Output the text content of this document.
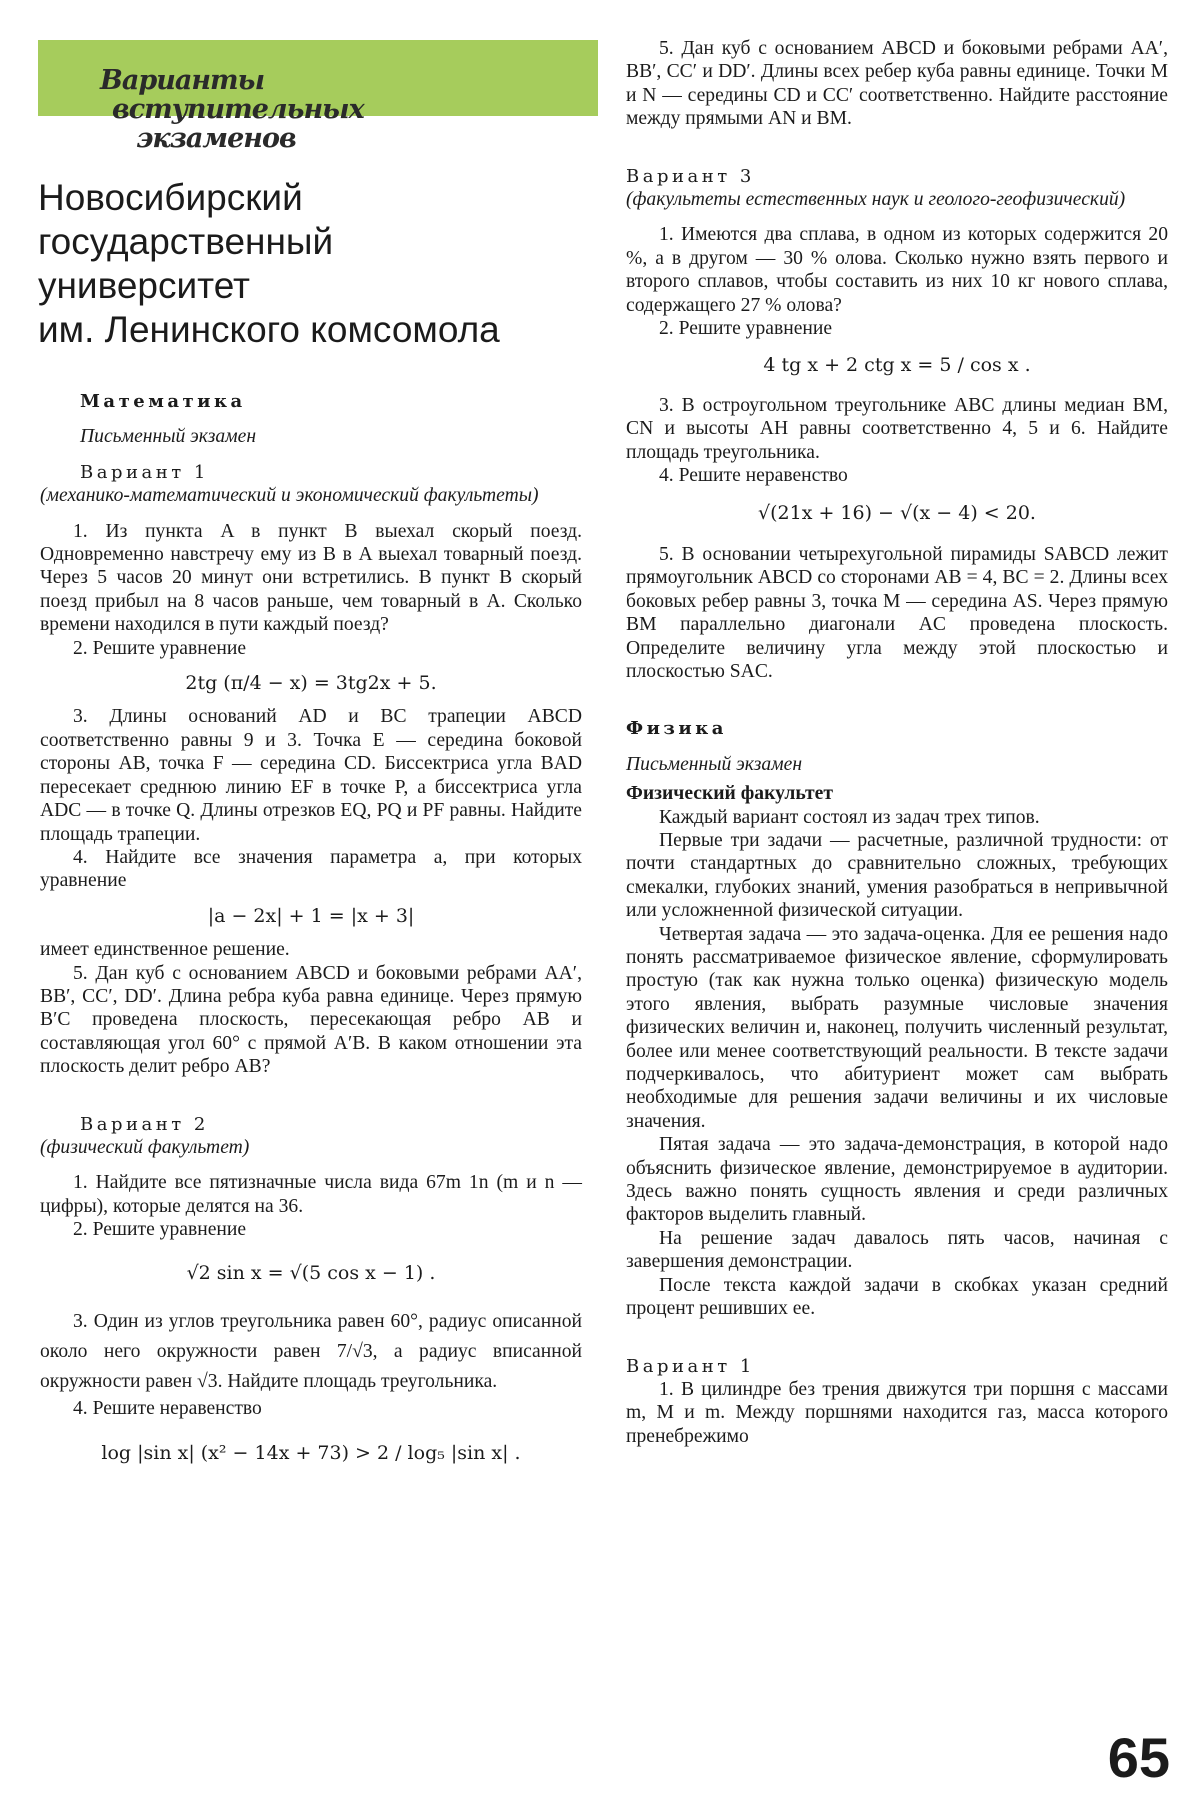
Варианты
вступительных
экзаменов
Новосибирский
государственный
университет
им. Ленинского комсомола
Математика
Письменный экзамен
Вариант 1
(механико-математический и экономический факультеты)

1. Из пункта A в пункт B выехал скорый поезд. Одновременно навстречу ему из B в A выехал товарный поезд. Через 5 часов 20 минут они встретились. В пункт B скорый поезд прибыл на 8 часов раньше, чем товарный в A. Сколько времени находился в пути каждый поезд?

2. Решите уравнение

2tg (π/4 − x) = 3tg2x + 5.

3. Длины оснований AD и BC трапеции ABCD соответственно равны 9 и 3. Точка E — середина боковой стороны AB, точка F — середина CD. Биссектриса угла BAD пересекает среднюю линию EF в точке P, а биссектриса угла ADC — в точке Q. Длины отрезков EQ, PQ и PF равны. Найдите площадь трапеции.

4. Найдите все значения параметра a, при которых уравнение

|a − 2x| + 1 = |x + 3|

имеет единственное решение.

5. Дан куб с основанием ABCD и боковыми ребрами AA′, BB′, CC′, DD′. Длина ребра куба равна единице. Через прямую B′C проведена плоскость, пересекающая ребро AB и составляющая угол 60° с прямой A′B. В каком отношении эта плоскость делит ребро AB?

Вариант 2
(физический факультет)

1. Найдите все пятизначные числа вида 67m 1n (m и n — цифры), которые делятся на 36.

2. Решите уравнение

√2 sin x = √(5 cos x − 1) .

3. Один из углов треугольника равен 60°, радиус описанной около него окружности равен 7/√3, а радиус вписанной окружности равен √3. Найдите площадь треугольника.

4. Решите неравенство

log |sin x| (x² − 14x + 73) > 2 / log₅ |sin x| .

5. Дан куб с основанием ABCD и боковыми ребрами AA′, BB′, CC′ и DD′. Длины всех ребер куба равны единице. Точки M и N — середины CD и CC′ соответственно. Найдите расстояние между прямыми AN и BM.

Вариант 3
(факультеты естественных наук и геолого-геофизический)

1. Имеются два сплава, в одном из которых содержится 20 %, а в другом — 30 % олова. Сколько нужно взять первого и второго сплавов, чтобы составить из них 10 кг нового сплава, содержащего 27 % олова?

2. Решите уравнение

4 tg x + 2 ctg x = 5 / cos x .

3. В остроугольном треугольнике ABC длины медиан BM, CN и высоты AH равны соответственно 4, 5 и 6. Найдите площадь треугольника.

4. Решите неравенство

√(21x + 16) − √(x − 4) < 20.

5. В основании четырехугольной пирамиды SABCD лежит прямоугольник ABCD со сторонами AB = 4, BC = 2. Длины всех боковых ребер равны 3, точка M — середина AS. Через прямую BM параллельно диагонали AC проведена плоскость. Определите величину угла между этой плоскостью и плоскостью SAC.

Физика
Письменный экзамен
Физический факультет

Каждый вариант состоял из задач трех типов.

Первые три задачи — расчетные, различной трудности: от почти стандартных до сравнительно сложных, требующих смекалки, глубоких знаний, умения разобраться в непривычной или усложненной физической ситуации.

Четвертая задача — это задача-оценка. Для ее решения надо понять рассматриваемое физическое явление, сформулировать простую (так как нужна только оценка) физическую модель этого явления, выбрать разумные числовые значения физических величин и, наконец, получить численный результат, более или менее соответствующий реальности. В тексте задачи подчеркивалось, что абитуриент может сам выбрать необходимые для решения задачи величины и их числовые значения.

Пятая задача — это задача-демонстрация, в которой надо объяснить физическое явление, демонстрируемое в аудитории. Здесь важно понять сущность явления и среди различных факторов выделить главный.

На решение задач давалось пять часов, начиная с завершения демонстрации.

После текста каждой задачи в скобках указан средний процент решивших ее.

Вариант 1

1. В цилиндре без трения движутся три поршня с массами m, M и m. Между поршнями находится газ, масса которого пренебрежимо

65
